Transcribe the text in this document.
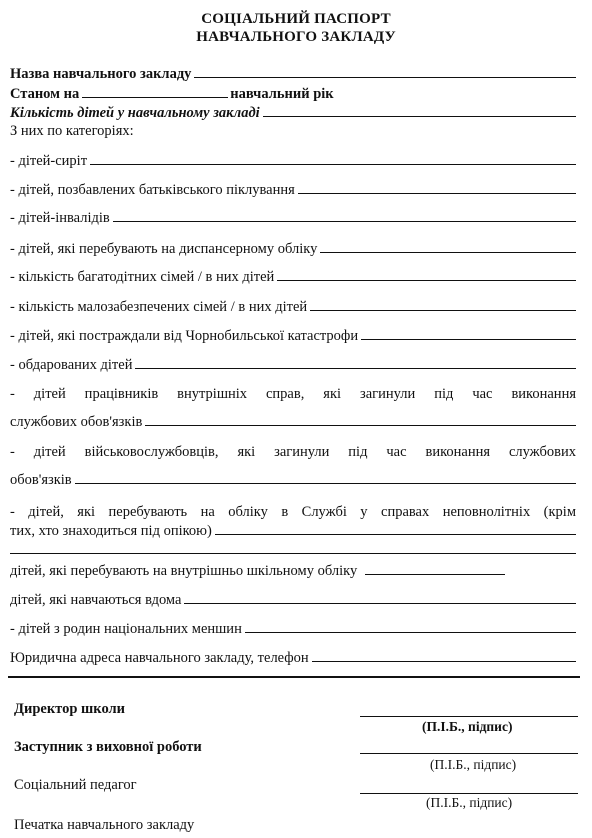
СОЦІАЛЬНИЙ ПАСПОРТ
НАВЧАЛЬНОГО ЗАКЛАДУ
Назва навчального закладу
Станом на	навчальний рік
Кількість дітей у навчальному закладі
З них по категоріях:
- дітей-сиріт
- дітей, позбавлених батьківського піклування
- дітей-інвалідів
- дітей, які перебувають на диспансерному обліку
- кількість багатодітних сімей / в них дітей
- кількість малозабезпечених сімей / в них дітей
- дітей, які постраждали від Чорнобильської катастрофи
- обдарованих дітей
- дітей працівників внутрішніх справ, які загинули під час виконання
службових обов'язків
- дітей військовослужбовців, які загинули під час виконання службових
обов'язків
- дітей, які перебувають на обліку в Службі у справах неповнолітніх (крім
тих, хто знаходиться під опікою)
дітей, які перебувають на внутрішньо шкільному обліку
дітей, які навчаються вдома
- дітей з родин національних меншин
Юридична адреса навчального закладу, телефон
Директор школи
(П.І.Б., підпис)
Заступник з виховної роботи
(П.І.Б., підпис)
Соціальний педагог
(П.І.Б., підпис)
Печатка навчального закладу
